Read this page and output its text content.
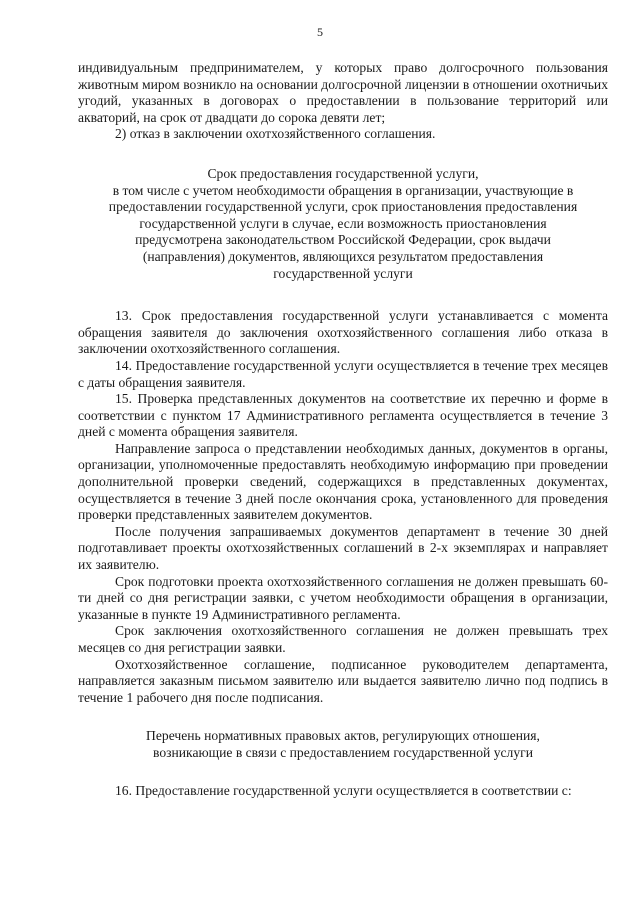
5

индивидуальным предпринимателем, у которых право долгосрочного пользования животным миром возникло на основании долгосрочной лицензии в отношении охотничьих угодий, указанных в договорах о предоставлении в пользование территорий или акваторий, на срок от двадцати до сорока девяти лет;

2) отказ в заключении охотхозяйственного соглашения.

Срок предоставления государственной услуги,
в том числе с учетом необходимости обращения в организации, участвующие в
предоставлении государственной услуги, срок приостановления предоставления
государственной услуги в случае, если возможность приостановления
предусмотрена законодательством Российской Федерации, срок выдачи
(направления) документов, являющихся результатом предоставления
государственной услуги

13. Срок предоставления государственной услуги устанавливается с момента обращения заявителя до заключения охотхозяйственного соглашения либо отказа в заключении охотхозяйственного соглашения.

14. Предоставление государственной услуги осуществляется в течение трех месяцев с даты обращения заявителя.

15. Проверка представленных документов на соответствие их перечню и форме в соответствии с пунктом 17 Административного регламента осуществляется в течение 3 дней с момента обращения заявителя.

Направление запроса о представлении необходимых данных, документов в органы, организации, уполномоченные предоставлять необходимую информацию при проведении дополнительной проверки сведений, содержащихся в представленных документах, осуществляется в течение 3 дней после окончания срока, установленного для проведения проверки представленных заявителем документов.

После получения запрашиваемых документов департамент в течение 30 дней подготавливает проекты охотхозяйственных соглашений в 2-х экземплярах и направляет их заявителю.

Срок подготовки проекта охотхозяйственного соглашения не должен превышать 60-ти дней со дня регистрации заявки, с учетом необходимости обращения в организации, указанные в пункте 19 Административного регламента.

Срок заключения охотхозяйственного соглашения не должен превышать трех месяцев со дня регистрации заявки.

Охотхозяйственное соглашение, подписанное руководителем департамента, направляется заказным письмом заявителю или выдается заявителю лично под подпись в течение 1 рабочего дня после подписания.

Перечень нормативных правовых актов, регулирующих отношения,
возникающие в связи с предоставлением государственной услуги

16. Предоставление государственной услуги осуществляется в соответствии с:
